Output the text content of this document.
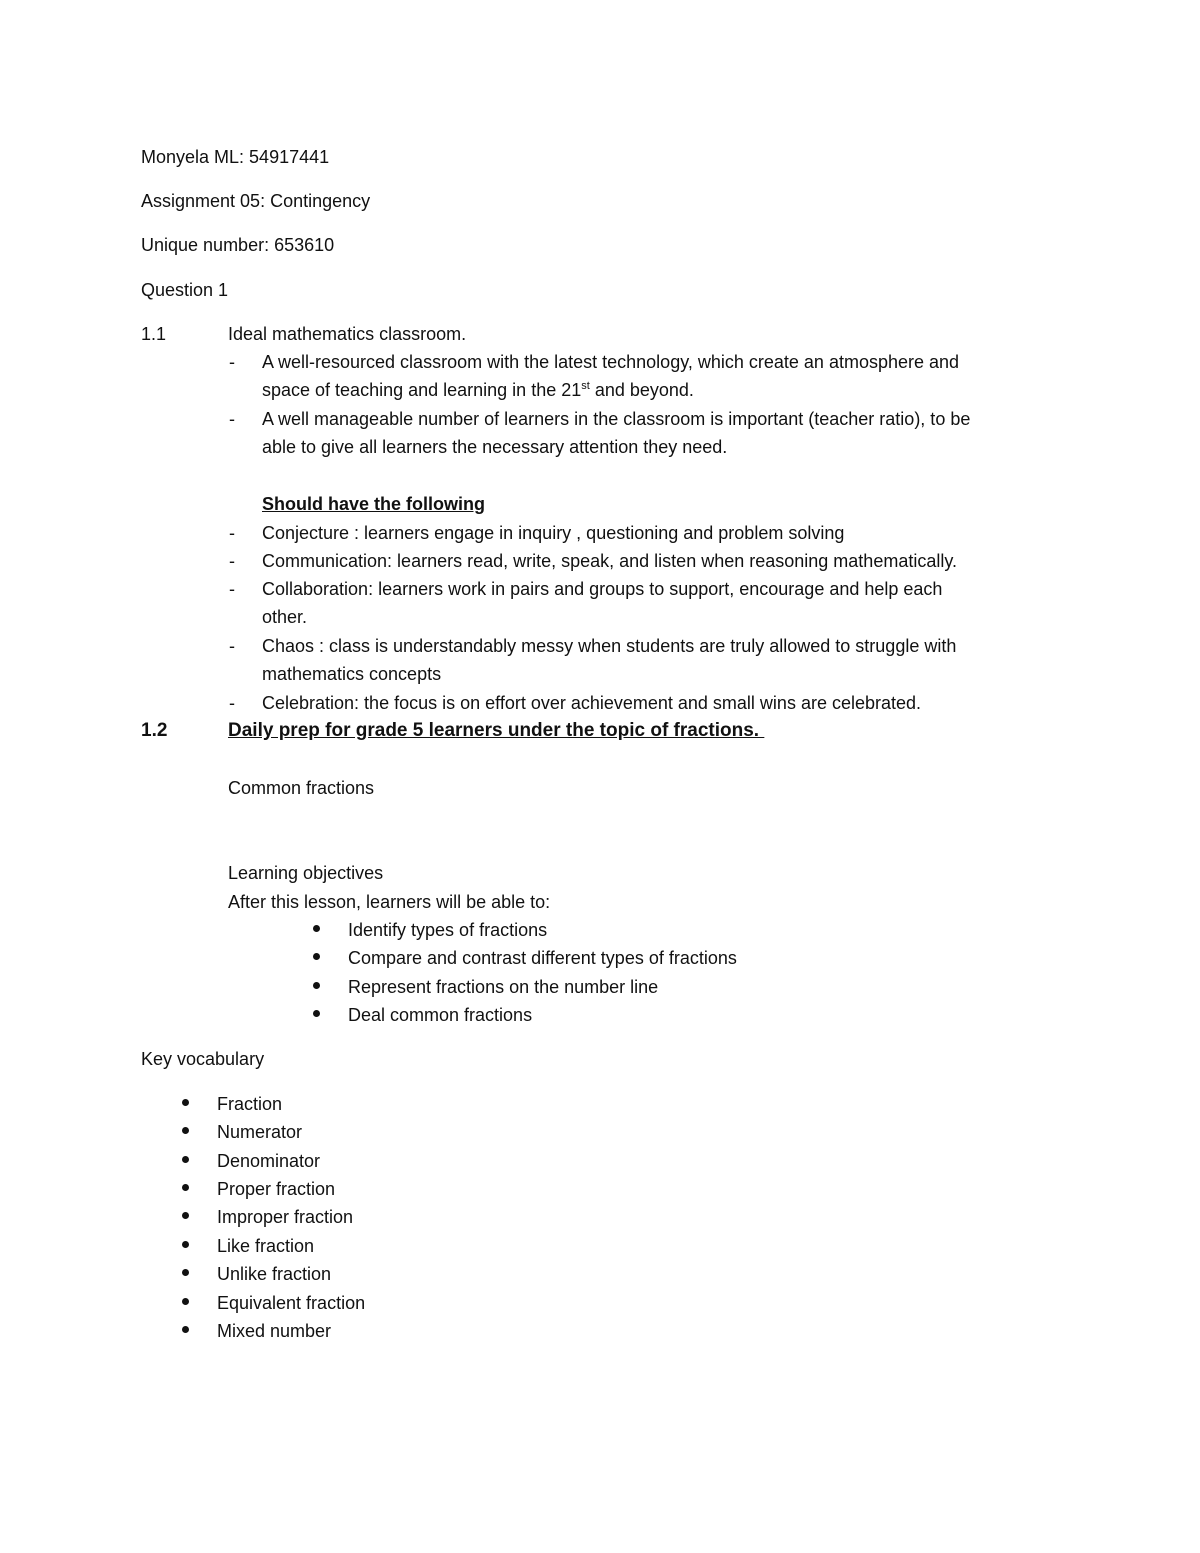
Monyela ML: 54917441
Assignment 05: Contingency
Unique number: 653610
Question 1
1.1	Ideal mathematics classroom.
- A well-resourced classroom with the latest technology, which create an atmosphere and
space of teaching and learning in the 21st and beyond.
- A well manageable number of learners in the classroom is important (teacher ratio), to be
able to give all learners the necessary attention they need.
Should have the following
- Conjecture : learners engage in inquiry , questioning and problem solving
- Communication: learners read, write, speak, and listen when reasoning mathematically.
- Collaboration: learners work in pairs and groups to support, encourage and help each
other.
- Chaos : class is understandably messy when students are truly allowed to struggle with
mathematics concepts
- Celebration: the focus is on effort over achievement and small wins are celebrated.
1.2	Daily prep for grade 5 learners under the topic of fractions.
Common fractions
Learning objectives
After this lesson, learners will be able to:
Identify types of fractions
Compare and contrast different types of fractions
Represent fractions on the number line
Deal common fractions
Key vocabulary
Fraction
Numerator
Denominator
Proper fraction
Improper fraction
Like fraction
Unlike fraction
Equivalent fraction
Mixed number
